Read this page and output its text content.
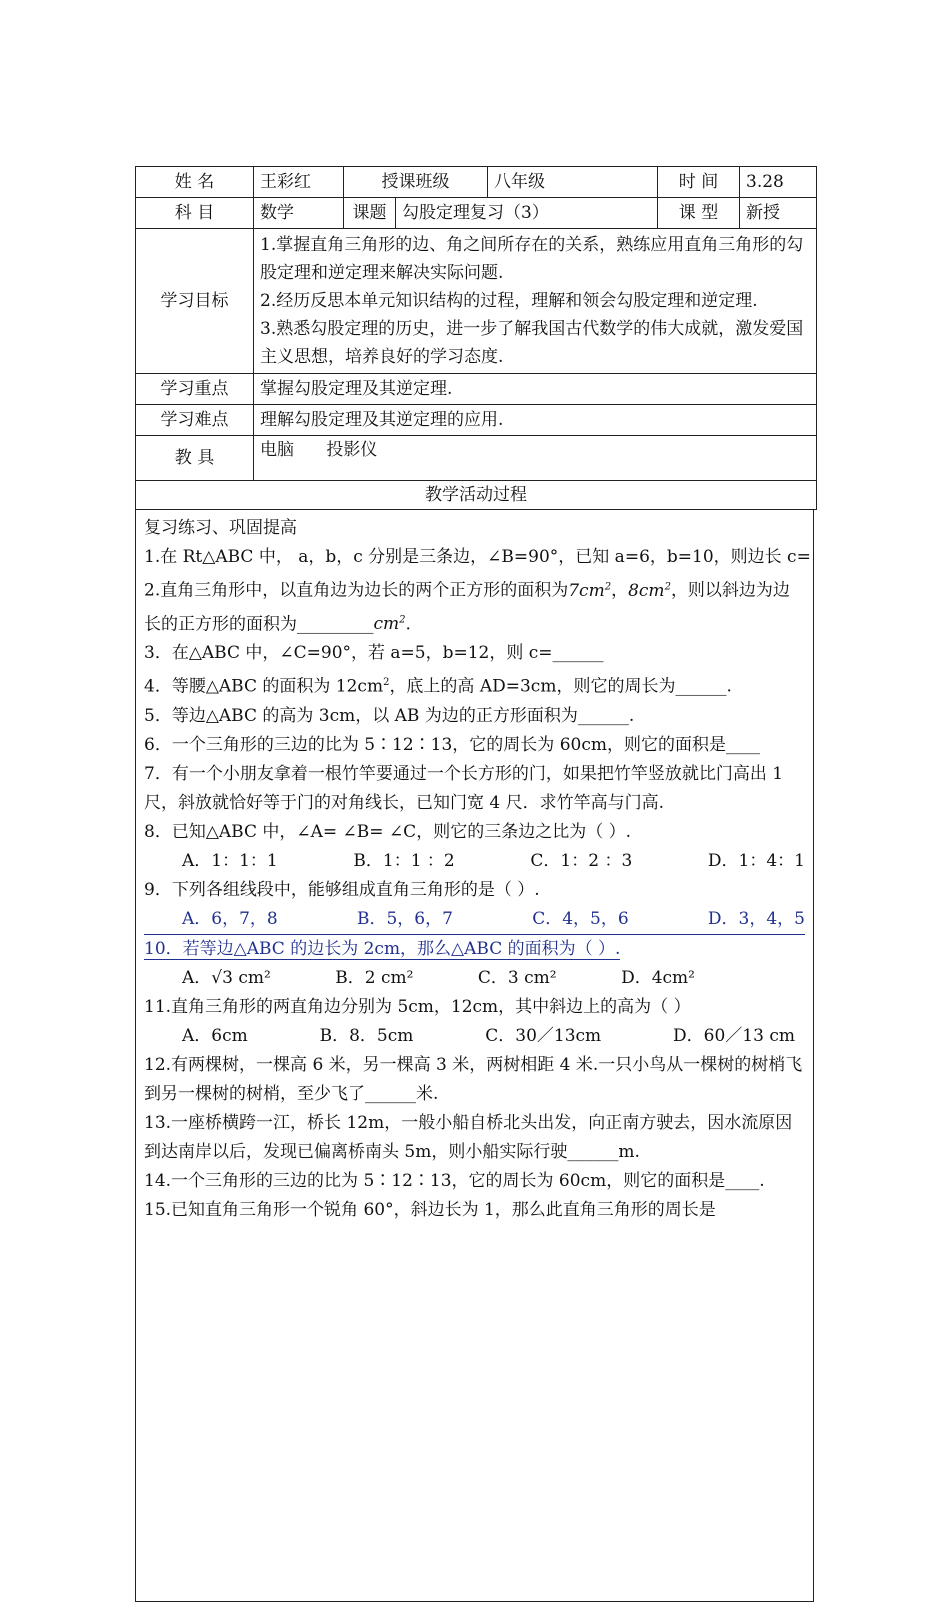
姓 名	王彩红	授课班级		八年级	时 间	3.28
科 目	数学	课题	勾股定理复习（3）		课 型	新授
学习目标	1.掌握直角三角形的边、角之间所存在的关系，熟练应用直角三角形的勾股定理和逆定理来解决实际问题.
2.经历反思本单元知识结构的过程，理解和领会勾股定理和逆定理.
3.熟悉勾股定理的历史，进一步了解我国古代数学的伟大成就，激发爱国主义思想，培养良好的学习态度.					

学习重点	掌握勾股定理及其逆定理.					
学习难点	理解勾股定理及其逆定理的应用.					
教 具	电脑      投影仪					
教学活动过程						
复习练习、巩固提高
1.在 Rt△ABC 中， a，b，c 分别是三条边，∠B=90°，已知 a=6，b=10，则边长 c=
2.直角三角形中，以直角边为边长的两个正方形的面积为$7cm^2$，$8cm^2$，则以斜边为边长的正方形的面积为$\_\_\_\_\_\_\_\_\_cm^2$.
3．在△ABC 中，∠C=90°，若 a=5，b=12，则 c=______
4．等腰△ABC 的面积为 $12cm^2$，底上的高 AD=3cm，则它的周长为______.
5．等边△ABC 的高为 3cm，以 AB 为边的正方形面积为______.
6．一个三角形的三边的比为 5∶12∶13，它的周长为 60cm，则它的面积是____
7．有一个小朋友拿着一根竹竿要通过一个长方形的门，如果把竹竿竖放就比门高出 1 尺，斜放就恰好等于门的对角线长，已知门宽 4 尺．求竹竿高与门高.
8．已知△ABC 中，∠A= ∠B= ∠C，则它的三条边之比为（ ）.
A．1：1：1	B．1：1 ：2	C．1：2 ：3	D．1：4：1
9．下列各组线段中，能够组成直角三角形的是（ ）.
A．6，7，8	B．5，6，7	C．4，5，6	D．3，4，5
10．若等边△ABC 的边长为 2cm，那么△ABC 的面积为（ ）.
A．√3 cm²	B．2 cm²	C．3 cm²	D．4cm²
11.直角三角形的两直角边分别为 5cm，12cm，其中斜边上的高为（ ）
A．6cm	B．8．5cm	C．30／13cm	D．60／13 cm
12.有两棵树，一棵高 6 米，另一棵高 3 米，两树相距 4 米.一只小鸟从一棵树的树梢飞到另一棵树的树梢，至少飞了______米.
13.一座桥横跨一江，桥长 12m，一般小船自桥北头出发，向正南方驶去，因水流原因到达南岸以后，发现已偏离桥南头 5m，则小船实际行驶______m.
14.一个三角形的三边的比为 5∶12∶13，它的周长为 60cm，则它的面积是____.
15.已知直角三角形一个锐角 60°，斜边长为 1，那么此直角三角形的周长是
